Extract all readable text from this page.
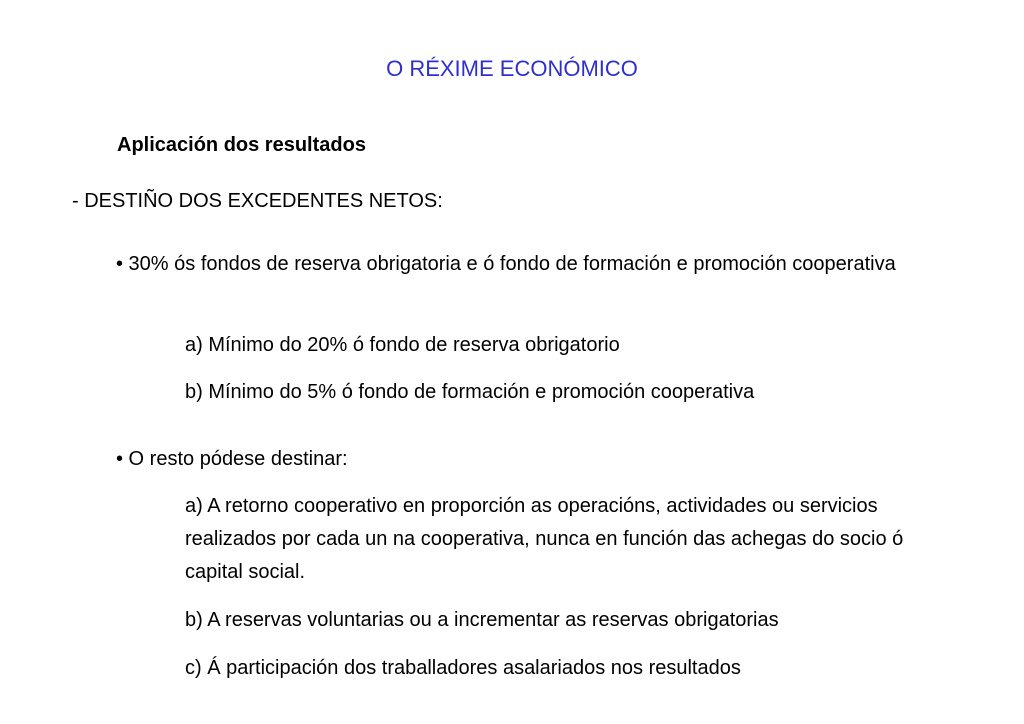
O RÉXIME ECONÓMICO
Aplicación dos resultados
- DESTIÑO DOS EXCEDENTES NETOS:

• 30% ós fondos de reserva obrigatoria e ó fondo de formación e promoción cooperativa

a) Mínimo do 20% ó fondo de reserva obrigatorio

b) Mínimo do 5% ó fondo de formación e promoción cooperativa

• O resto pódese destinar:

a) A retorno cooperativo en proporción as operacións, actividades ou servicios realizados por cada un na cooperativa, nunca en función das achegas do socio ó capital social.

b) A reservas voluntarias ou a incrementar as reservas obrigatorias

c) Á participación dos traballadores asalariados nos resultados
